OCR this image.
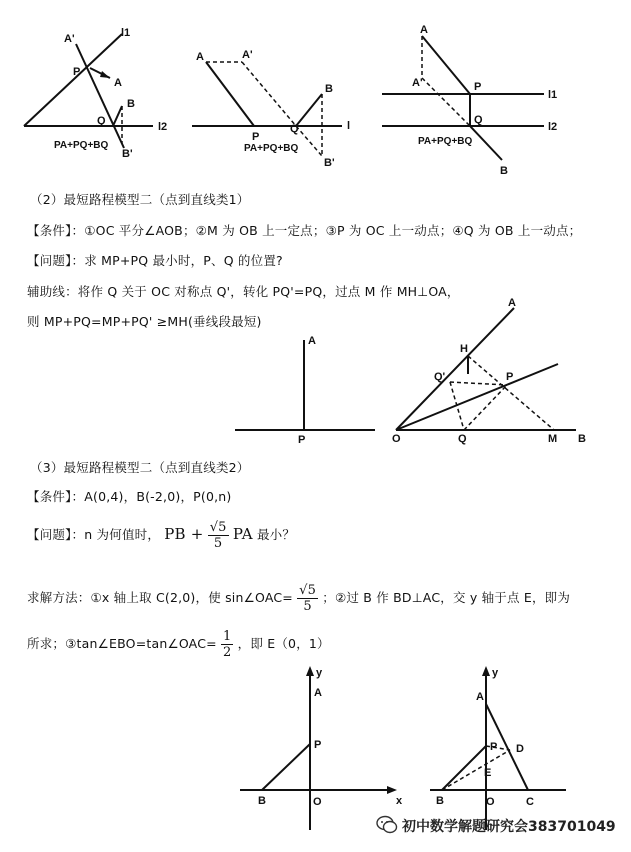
A'	l1
P
A
B
Q	l2
B'
PA+PQ+BQ
A	A'
B
P
Q	l
B'
PA+PQ+BQ
A
A'	P
l1
Q
l2
B
PA+PQ+BQ
（2）最短路程模型二（点到直线类1）
【条件】：①OC 平分∠AOB；②M 为 OB 上一定点；③P 为 OC 上一动点；④Q 为 OB 上一动点；
【问题】：求 MP+PQ 最小时，P、Q 的位置?
辅助线：将作 Q 关于 OC 对称点 Q'，转化 PQ'=PQ，过点 M 作 MH⊥OA，
则 MP+PQ=MP+PQ' ≥MH(垂线段最短)
A
P
A
H
Q'	P
O	Q	M B
（3）最短路程模型二（点到直线类2）
【条件】：A(0,4)，B(-2,0)，P(0,n)
【问题】：n 为何值时， PB + $\frac{√5}{5}$ PA 最小？
求解方法：①x 轴上取 C(2,0)，使 sin∠OAC= $\frac{√5}{5}$ ；②过 B 作 BD⊥AC，交 y 轴于点 E，即为
所求；③tan∠EBO=tan∠OAC= $\frac{1}{2}$ ，即 E（0，1）
y
A
P
B	O	x
y
A
P D
E
B	O	C
初中数学解题研究会383701049
